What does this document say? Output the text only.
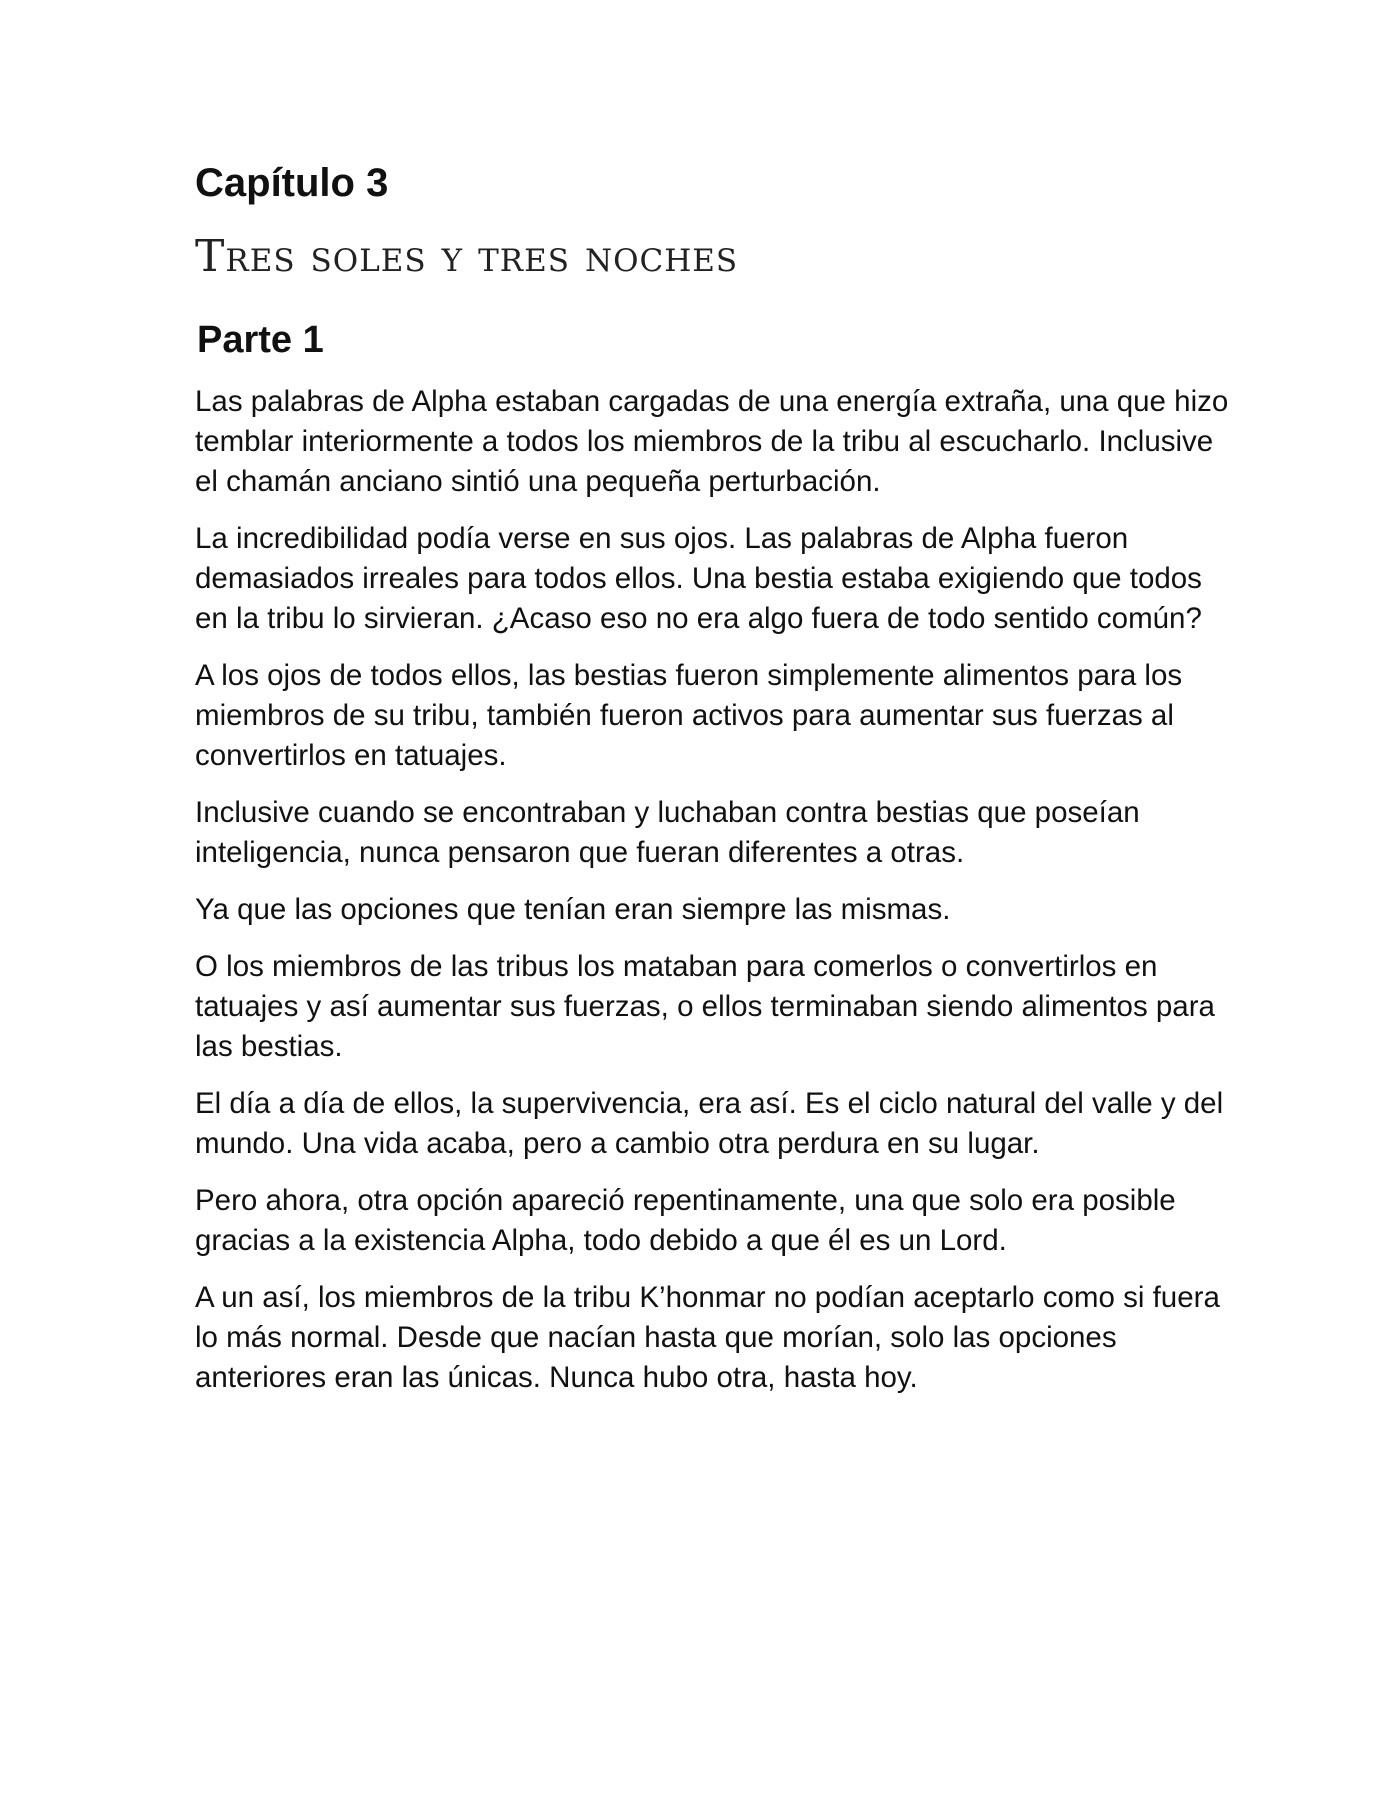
Capítulo 3
Tres soles y tres noches
Parte 1

Las palabras de Alpha estaban cargadas de una energía extraña, una que hizo temblar interiormente a todos los miembros de la tribu al escucharlo. Inclusive el chamán anciano sintió una pequeña perturbación.

La incredibilidad podía verse en sus ojos. Las palabras de Alpha fueron demasiados irreales para todos ellos. Una bestia estaba exigiendo que todos en la tribu lo sirvieran. ¿Acaso eso no era algo fuera de todo sentido común?

A los ojos de todos ellos, las bestias fueron simplemente alimentos para los miembros de su tribu, también fueron activos para aumentar sus fuerzas al convertirlos en tatuajes.

Inclusive cuando se encontraban y luchaban contra bestias que poseían inteligencia, nunca pensaron que fueran diferentes a otras.

Ya que las opciones que tenían eran siempre las mismas.

O los miembros de las tribus los mataban para comerlos o convertirlos en tatuajes y así aumentar sus fuerzas, o ellos terminaban siendo alimentos para las bestias.

El día a día de ellos, la supervivencia, era así. Es el ciclo natural del valle y del mundo. Una vida acaba, pero a cambio otra perdura en su lugar.

Pero ahora, otra opción apareció repentinamente, una que solo era posible gracias a la existencia Alpha, todo debido a que él es un Lord.

A un así, los miembros de la tribu K’honmar no podían aceptarlo como si fuera lo más normal. Desde que nacían hasta que morían, solo las opciones anteriores eran las únicas. Nunca hubo otra, hasta hoy.
